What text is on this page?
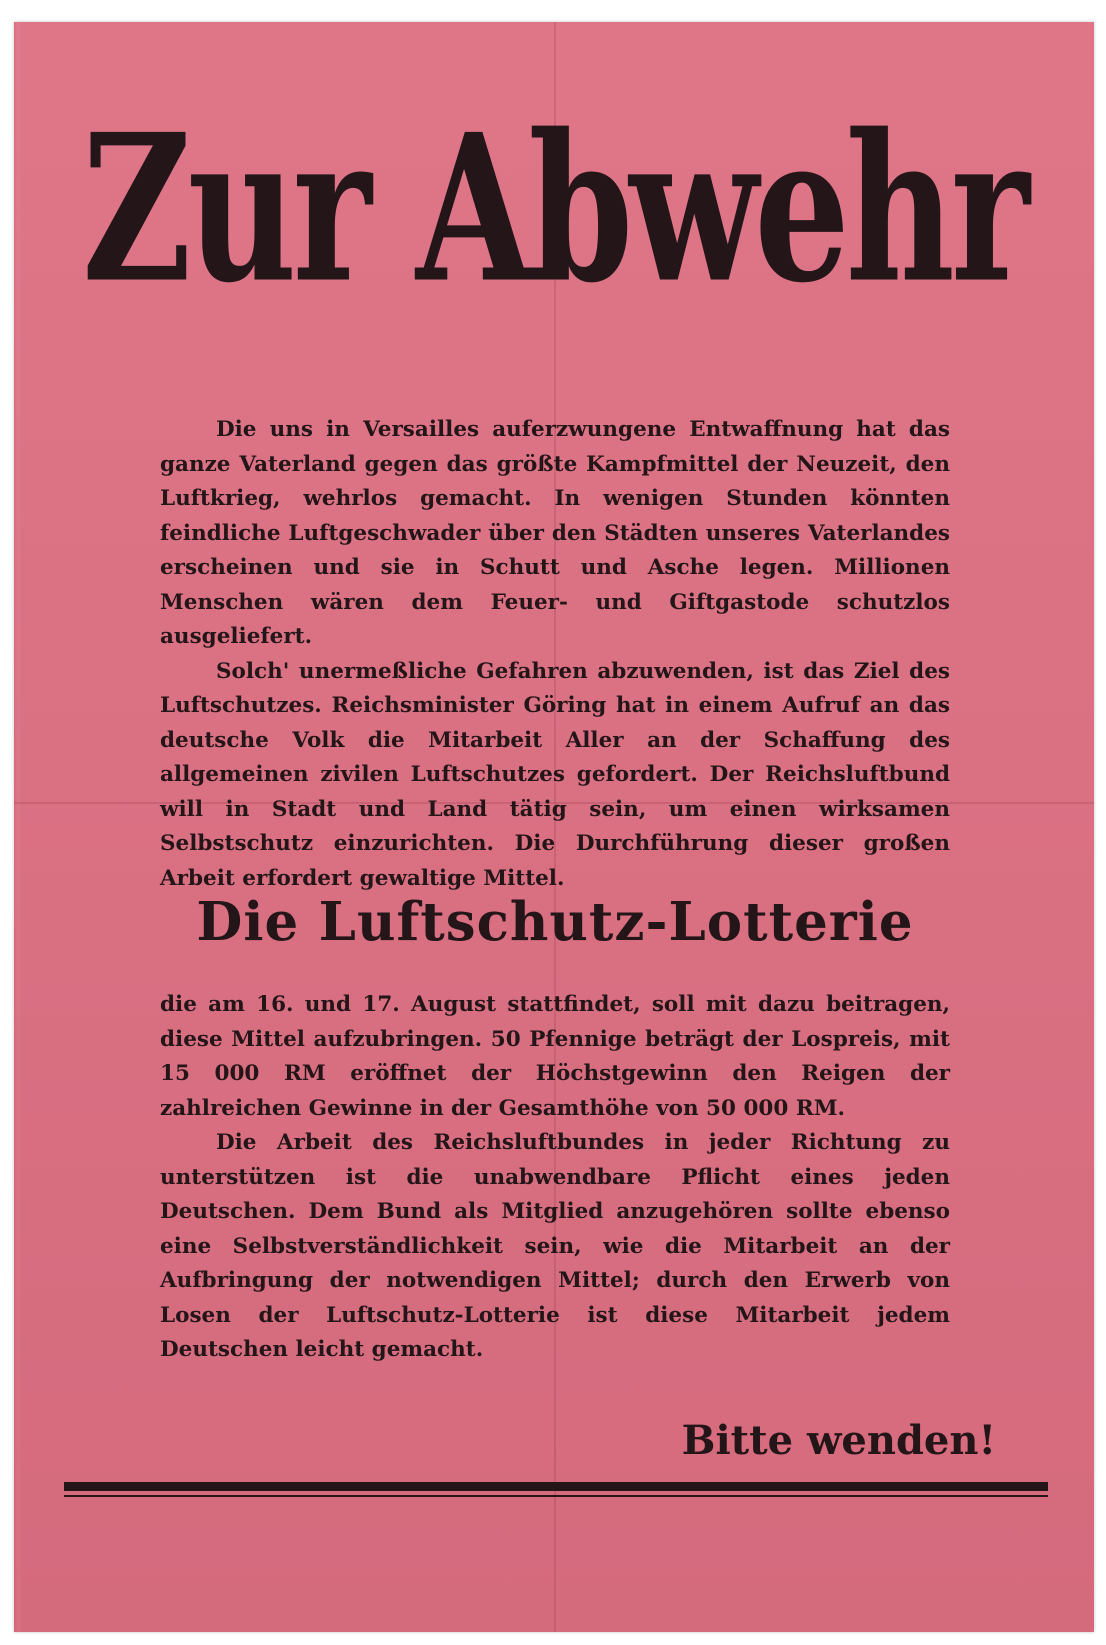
Zur Abwehr

Die uns in Versailles auferzwungene Entwaffnung hat das ganze Vaterland gegen das größte Kampfmittel der Neuzeit, den Luftkrieg, wehrlos gemacht. In wenigen Stunden könnten feindliche Luftgeschwader über den Städten unseres Vaterlandes erscheinen und sie in Schutt und Asche legen. Millionen Menschen wären dem Feuer- und Giftgastode schutzlos ausgeliefert.

Solch' unermeßliche Gefahren abzuwenden, ist das Ziel des Luftschutzes. Reichsminister Göring hat in einem Aufruf an das deutsche Volk die Mitarbeit Aller an der Schaffung des allgemeinen zivilen Luftschutzes gefordert. Der Reichsluftbund will in Stadt und Land tätig sein, um einen wirksamen Selbstschutz einzurichten. Die Durchführung dieser großen Arbeit erfordert gewaltige Mittel.

Die Luftschutz-Lotterie

die am 16. und 17. August stattfindet, soll mit dazu beitragen, diese Mittel aufzubringen. 50 Pfennige beträgt der Lospreis, mit 15 000 RM eröffnet der Höchstgewinn den Reigen der zahlreichen Gewinne in der Gesamthöhe von 50 000 RM.

Die Arbeit des Reichsluftbundes in jeder Richtung zu unterstützen ist die unabwendbare Pflicht eines jeden Deutschen. Dem Bund als Mitglied anzugehören sollte ebenso eine Selbstverständlichkeit sein, wie die Mitarbeit an der Aufbringung der notwendigen Mittel; durch den Erwerb von Losen der Luftschutz-Lotterie ist diese Mitarbeit jedem Deutschen leicht gemacht.

Bitte wenden!
